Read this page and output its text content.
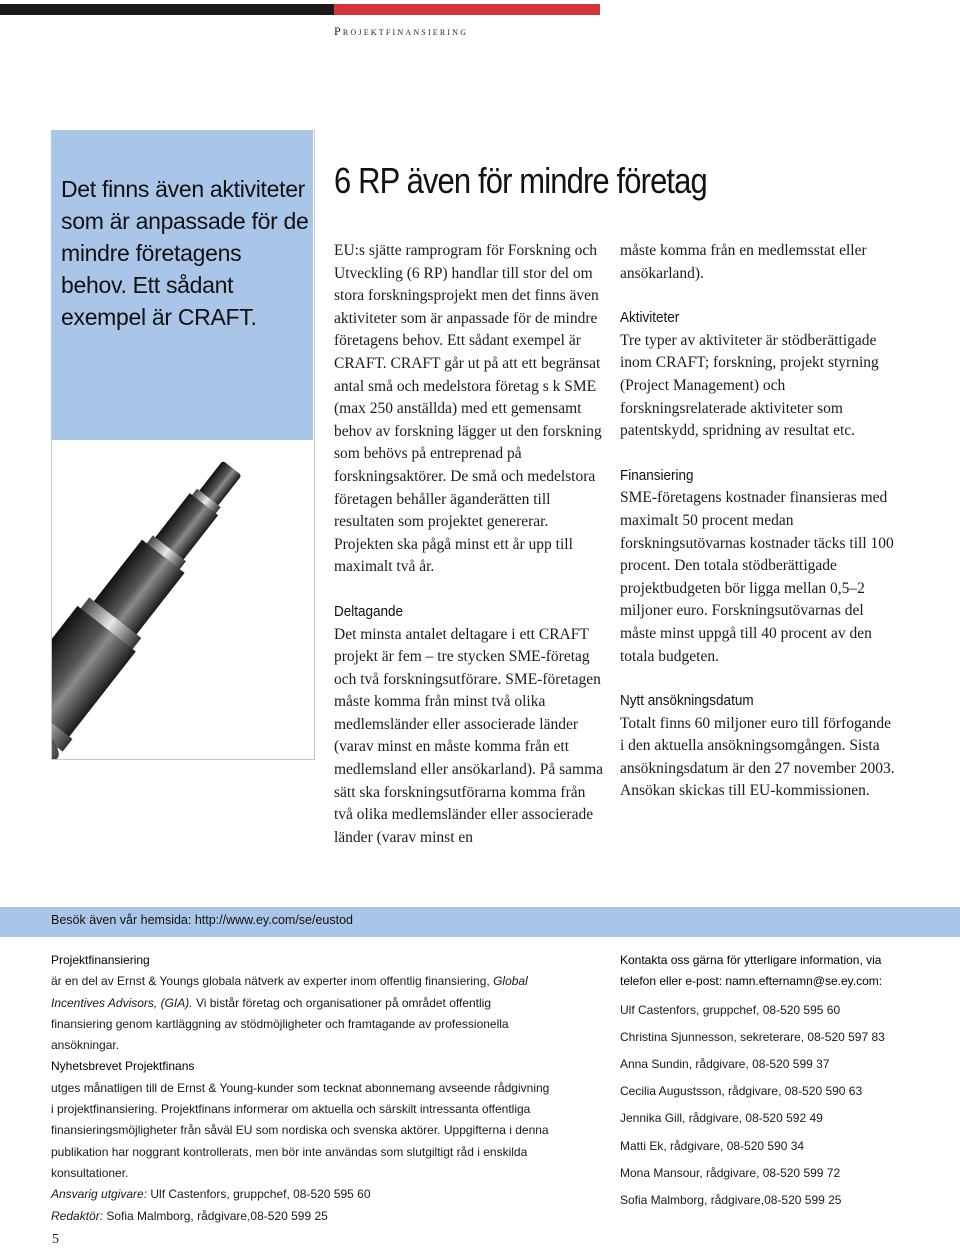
Projektfinansiering
Det finns även aktiviteter som är anpassade för de mindre företagens behov. Ett sådant exempel är CRAFT.
6 RP även för mindre företag

EU:s sjätte ramprogram för Forskning och Utveckling (6 RP) handlar till stor del om stora forskningsprojekt men det finns även aktiviteter som är anpassade för de mindre företagens behov. Ett sådant exempel är CRAFT. CRAFT går ut på att ett begränsat antal små och medelstora företag s k SME (max 250 anställda) med ett gemensamt behov av forskning lägger ut den forskning som behövs på entreprenad på forskningsaktörer. De små och medelstora företagen behåller äganderätten till resultaten som projektet genererar. Projekten ska pågå minst ett år upp till maximalt två år.

Deltagande

Det minsta antalet deltagare i ett CRAFT projekt är fem – tre stycken SME-företag och två forskningsutförare. SME-företagen måste komma från minst två olika medlemsländer eller associerade länder (varav minst en måste komma från ett medlemsland eller ansökarland). På samma sätt ska forskningsutförarna komma från två olika medlemsländer eller associerade länder (varav minst en

måste komma från en medlemsstat eller ansökarland).

Aktiviteter

Tre typer av aktiviteter är stödberättigade inom CRAFT; forskning, projekt styrning (Project Management) och forskningsrelaterade aktiviteter som patentskydd, spridning av resultat etc.

Finansiering

SME-företagens kostnader finansieras med maximalt 50 procent medan forskningsutövarnas kostnader täcks till 100 procent. Den totala stödberättigade projektbudgeten bör ligga mellan 0,5–2 miljoner euro. Forskningsutövarnas del måste minst uppgå till 40 procent av den totala budgeten.

Nytt ansökningsdatum

Totalt finns 60 miljoner euro till förfogande i den aktuella ansökningsomgången. Sista ansökningsdatum är den 27 november 2003. Ansökan skickas till EU-kommissionen.

Besök även vår hemsida: http://www.ey.com/se/eustod

Projektfinansiering

är en del av Ernst & Youngs globala nätverk av experter inom offentlig finansiering, Global Incentives Advisors, (GIA). Vi bistår företag och organisationer på området offentlig finansiering genom kartläggning av stödmöjligheter och framtagande av professionella ansökningar.

Nyhetsbrevet Projektfinans

utges månatligen till de Ernst & Young-kunder som tecknat abonnemang avseende rådgivning i projektfinansiering. Projektfinans informerar om aktuella och särskilt intressanta offentliga finansieringsmöjligheter från såväl EU som nordiska och svenska aktörer. Uppgifterna i denna publikation har noggrant kontrollerats, men bör inte användas som slutgiltigt råd i enskilda konsultationer.

Ansvarig utgivare: Ulf Castenfors, gruppchef, 08-520 595 60

Redaktör: Sofia Malmborg, rådgivare,08-520 599 25

Kontakta oss gärna för ytterligare information, via telefon eller e-post: namn.efternamn@se.ey.com:

Ulf Castenfors, gruppchef, 08-520 595 60

Christina Sjunnesson, sekreterare, 08-520 597 83

Anna Sundin, rådgivare, 08-520 599 37

Cecilia Augustsson, rådgivare, 08-520 590 63

Jennika Gill, rådgivare, 08-520 592 49

Matti Ek, rådgivare, 08-520 590 34

Mona Mansour, rådgivare, 08-520 599 72

Sofia Malmborg, rådgivare,08-520 599 25

5
